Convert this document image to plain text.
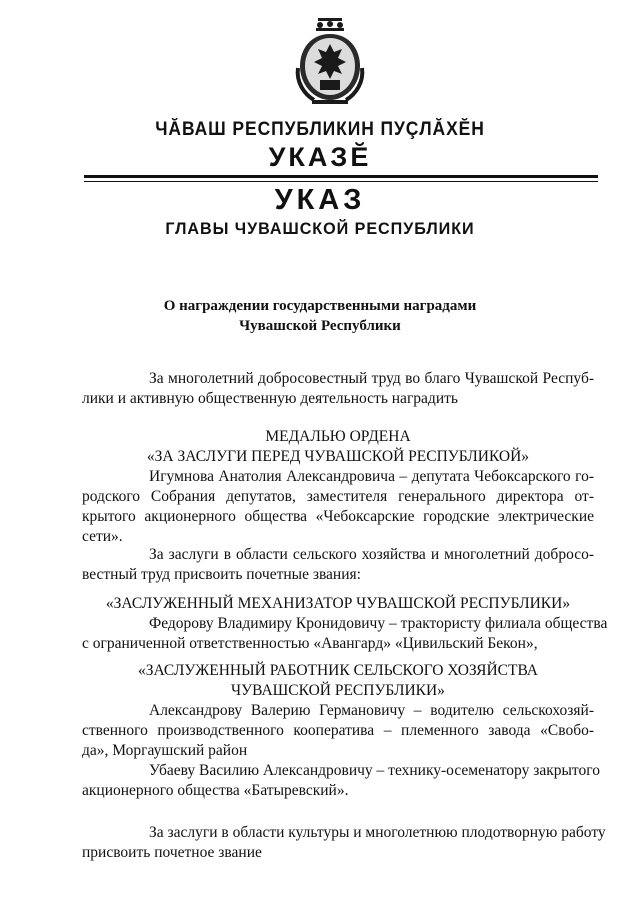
ЧĂВАШ РЕСПУБЛИКИН ПУÇЛĂХĔН
УКАЗĔ
УКАЗ
ГЛАВЫ ЧУВАШСКОЙ РЕСПУБЛИКИ
О награждении государственными наградами
Чувашской Республики
За многолетний добросовестный труд во благо Чувашской Респуб-
лики и активную общественную деятельность наградить
МЕДАЛЬЮ ОРДЕНА
«ЗА ЗАСЛУГИ ПЕРЕД ЧУВАШСКОЙ РЕСПУБЛИКОЙ»
Игумнова Анатолия Александровича – депутата Чебоксарского го-
родского Собрания депутатов, заместителя генерального директора от-
крытого акционерного общества «Чебоксарские городские электрические
сети».
За заслуги в области сельского хозяйства и многолетний добросо-
вестный труд присвоить почетные звания:
«ЗАСЛУЖЕННЫЙ МЕХАНИЗАТОР ЧУВАШСКОЙ РЕСПУБЛИКИ»
Федорову Владимиру Кронидовичу – трактористу филиала общества
с ограниченной ответственностью «Авангард» «Цивильский Бекон»,
«ЗАСЛУЖЕННЫЙ РАБОТНИК СЕЛЬСКОГО ХОЗЯЙСТВА
ЧУВАШСКОЙ РЕСПУБЛИКИ»
Александрову Валерию Германовичу – водителю сельскохозяй-
ственного производственного кооператива – племенного завода «Свобо-
да», Моргаушский район
Убаеву Василию Александровичу – технику-осеменатору закрытого
акционерного общества «Батыревский».
За заслуги в области культуры и многолетнюю плодотворную работу
присвоить почетное звание
